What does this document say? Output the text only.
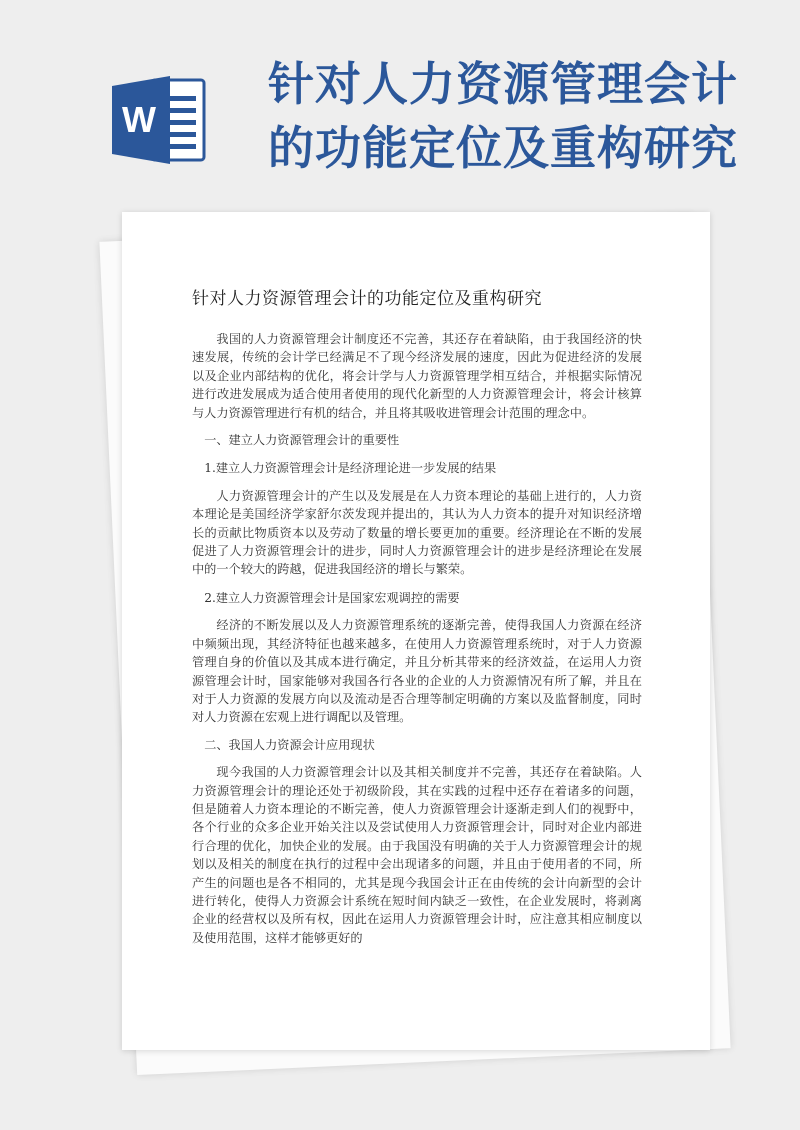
W
针对人力资源管理会计
的功能定位及重构研究
针对人力资源管理会计的功能定位及重构研究

我国的人力资源管理会计制度还不完善，其还存在着缺陷，由于我国经济的快速发展，传统的会计学已经满足不了现今经济发展的速度，因此为促进经济的发展以及企业内部结构的优化，将会计学与人力资源管理学相互结合，并根据实际情况进行改进发展成为适合使用者使用的现代化新型的人力资源管理会计，将会计核算与人力资源管理进行有机的结合，并且将其吸收进管理会计范围的理念中。

一、建立人力资源管理会计的重要性

1.建立人力资源管理会计是经济理论进一步发展的结果

人力资源管理会计的产生以及发展是在人力资本理论的基础上进行的，人力资本理论是美国经济学家舒尔茨发现并提出的，其认为人力资本的提升对知识经济增长的贡献比物质资本以及劳动了数量的增长要更加的重要。经济理论在不断的发展促进了人力资源管理会计的进步，同时人力资源管理会计的进步是经济理论在发展中的一个较大的跨越，促进我国经济的增长与繁荣。

2.建立人力资源管理会计是国家宏观调控的需要

经济的不断发展以及人力资源管理系统的逐渐完善，使得我国人力资源在经济中频频出现，其经济特征也越来越多，在使用人力资源管理系统时，对于人力资源管理自身的价值以及其成本进行确定，并且分析其带来的经济效益，在运用人力资源管理会计时，国家能够对我国各行各业的企业的人力资源情况有所了解，并且在对于人力资源的发展方向以及流动是否合理等制定明确的方案以及监督制度，同时对人力资源在宏观上进行调配以及管理。

二、我国人力资源会计应用现状

现今我国的人力资源管理会计以及其相关制度并不完善，其还存在着缺陷。人力资源管理会计的理论还处于初级阶段，其在实践的过程中还存在着诸多的问题，但是随着人力资本理论的不断完善，使人力资源管理会计逐渐走到人们的视野中，各个行业的众多企业开始关注以及尝试使用人力资源管理会计，同时对企业内部进行合理的优化，加快企业的发展。由于我国没有明确的关于人力资源管理会计的规划以及相关的制度在执行的过程中会出现诸多的问题，并且由于使用者的不同，所产生的问题也是各不相同的，尤其是现今我国会计正在由传统的会计向新型的会计进行转化，使得人力资源会计系统在短时间内缺乏一致性，在企业发展时，将剥离企业的经营权以及所有权，因此在运用人力资源管理会计时，应注意其相应制度以及使用范围，这样才能够更好的
